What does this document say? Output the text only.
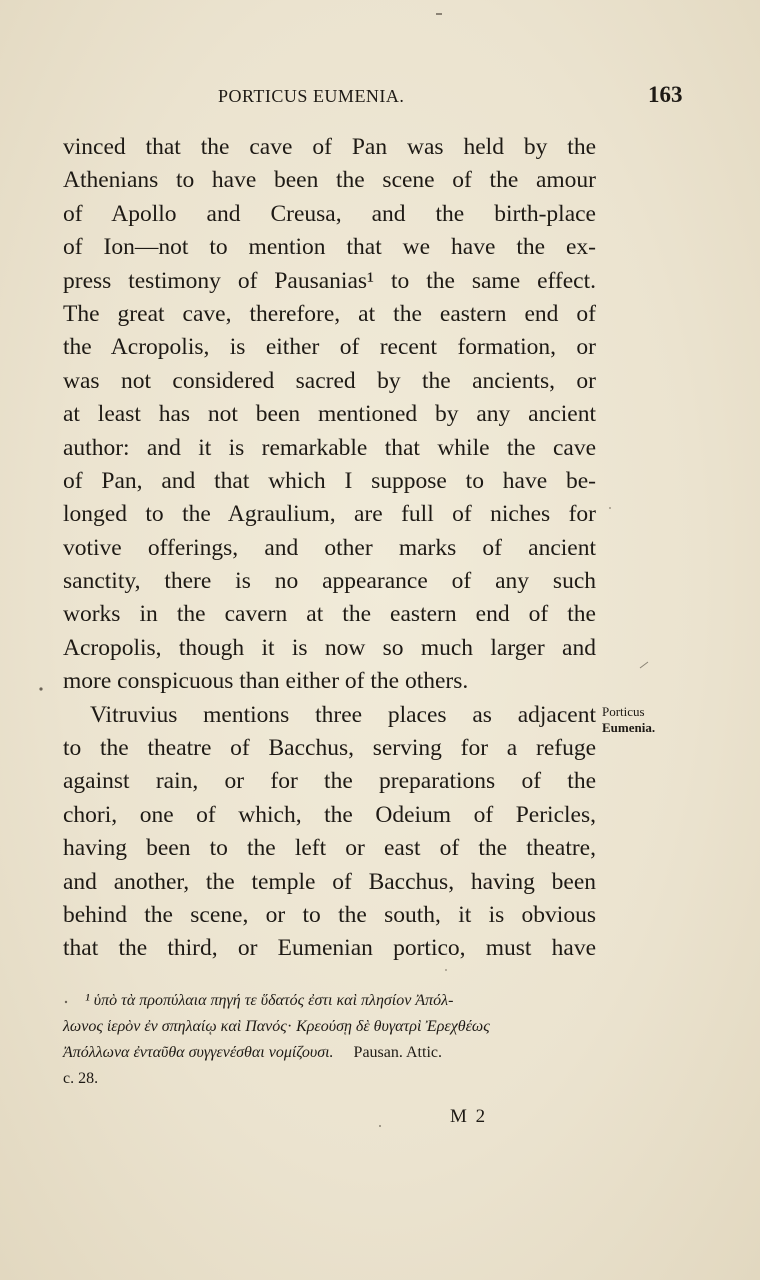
PORTICUS EUMENIA.	163
vinced that the cave of Pan was held by the
Athenians to have been the scene of the amour
of Apollo and Creusa, and the birth-place
of Ion—not to mention that we have the ex-
press testimony of Pausanias¹ to the same effect.
The great cave, therefore, at the eastern end of
the Acropolis, is either of recent formation, or
was not considered sacred by the ancients, or
at least has not been mentioned by any ancient
author: and it is remarkable that while the cave
of Pan, and that which I suppose to have be-
longed to the Agraulium, are full of niches for
votive offerings, and other marks of ancient
sanctity, there is no appearance of any such
works in the cavern at the eastern end of the
Acropolis, though it is now so much larger and
more conspicuous than either of the others.
Vitruvius mentions three places as adjacent
to the theatre of Bacchus, serving for a refuge
against rain, or for the preparations of the
chori, one of which, the Odeium of Pericles,
having been to the left or east of the theatre,
and another, the temple of Bacchus, having been
behind the scene, or to the south, it is obvious
that the third, or Eumenian portico, must have
Porticus
Eumenia.
¹ ὑπὸ τὰ προπύλαια πηγή τε ὕδατός ἐστι καὶ πλησίον Ἀπόλ-
λωνος ἱερὸν ἐν σπηλαίῳ καὶ Πανός· Κρεούσῃ δὲ θυγατρὶ Ἐρεχθέως
Ἀπόλλωνα ἐνταῦθα συγγενέσθαι νομίζουσι. Pausan. Attic.
c. 28.
M 2
